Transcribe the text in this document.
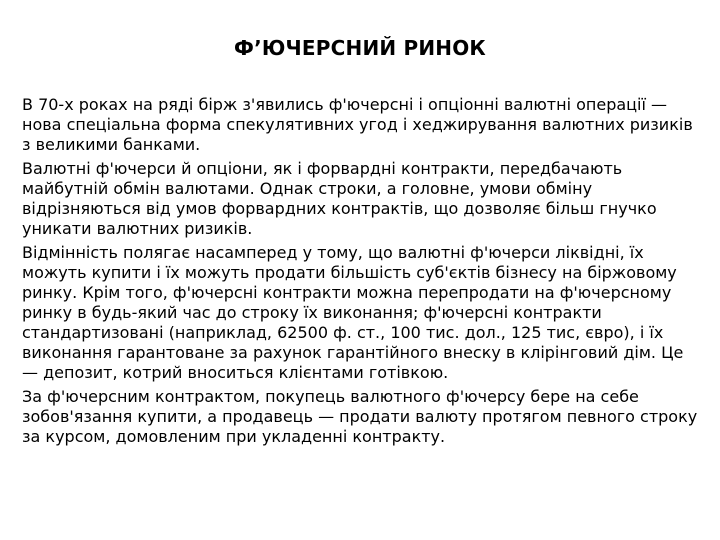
Ф’ЮЧЕРСНИЙ РИНОК

В 70-х роках на ряді бірж з'явились ф'ючерсні і опціонні валютні операції — нова спеціальна форма спекулятивних угод і хеджирування валютних ризиків з великими банками.

Валютні ф'ючерси й опціони, як і форвардні контракти, передбачають майбутній обмін валютами. Однак строки, а головне, умови обміну відрізняються від умов форвардних контрактів, що дозволяє більш гнучко уникати валютних ризиків.

Відмінність полягає насамперед у тому, що валютні ф'ючерси ліквідні, їх можуть купити і їх можуть продати більшість суб'єктів бізнесу на біржовому ринку. Крім того, ф'ючерсні контракти можна перепродати на ф'ючерсному ринку в будь-який час до строку їх виконання; ф'ючерсні контракти стандартизовані (наприклад, 62500 ф. ст., 100 тис. дол., 125 тис, євро), і їх виконання гарантоване за рахунок гарантійного внеску в клірінговий дім. Це — депозит, котрий вноситься клієнтами готівкою.

За ф'ючерсним контрактом, покупець валютного ф'ючерсу бере на себе зобов'язання купити, а продавець — продати валюту протягом певного строку за курсом, домовленим при укладенні контракту.
